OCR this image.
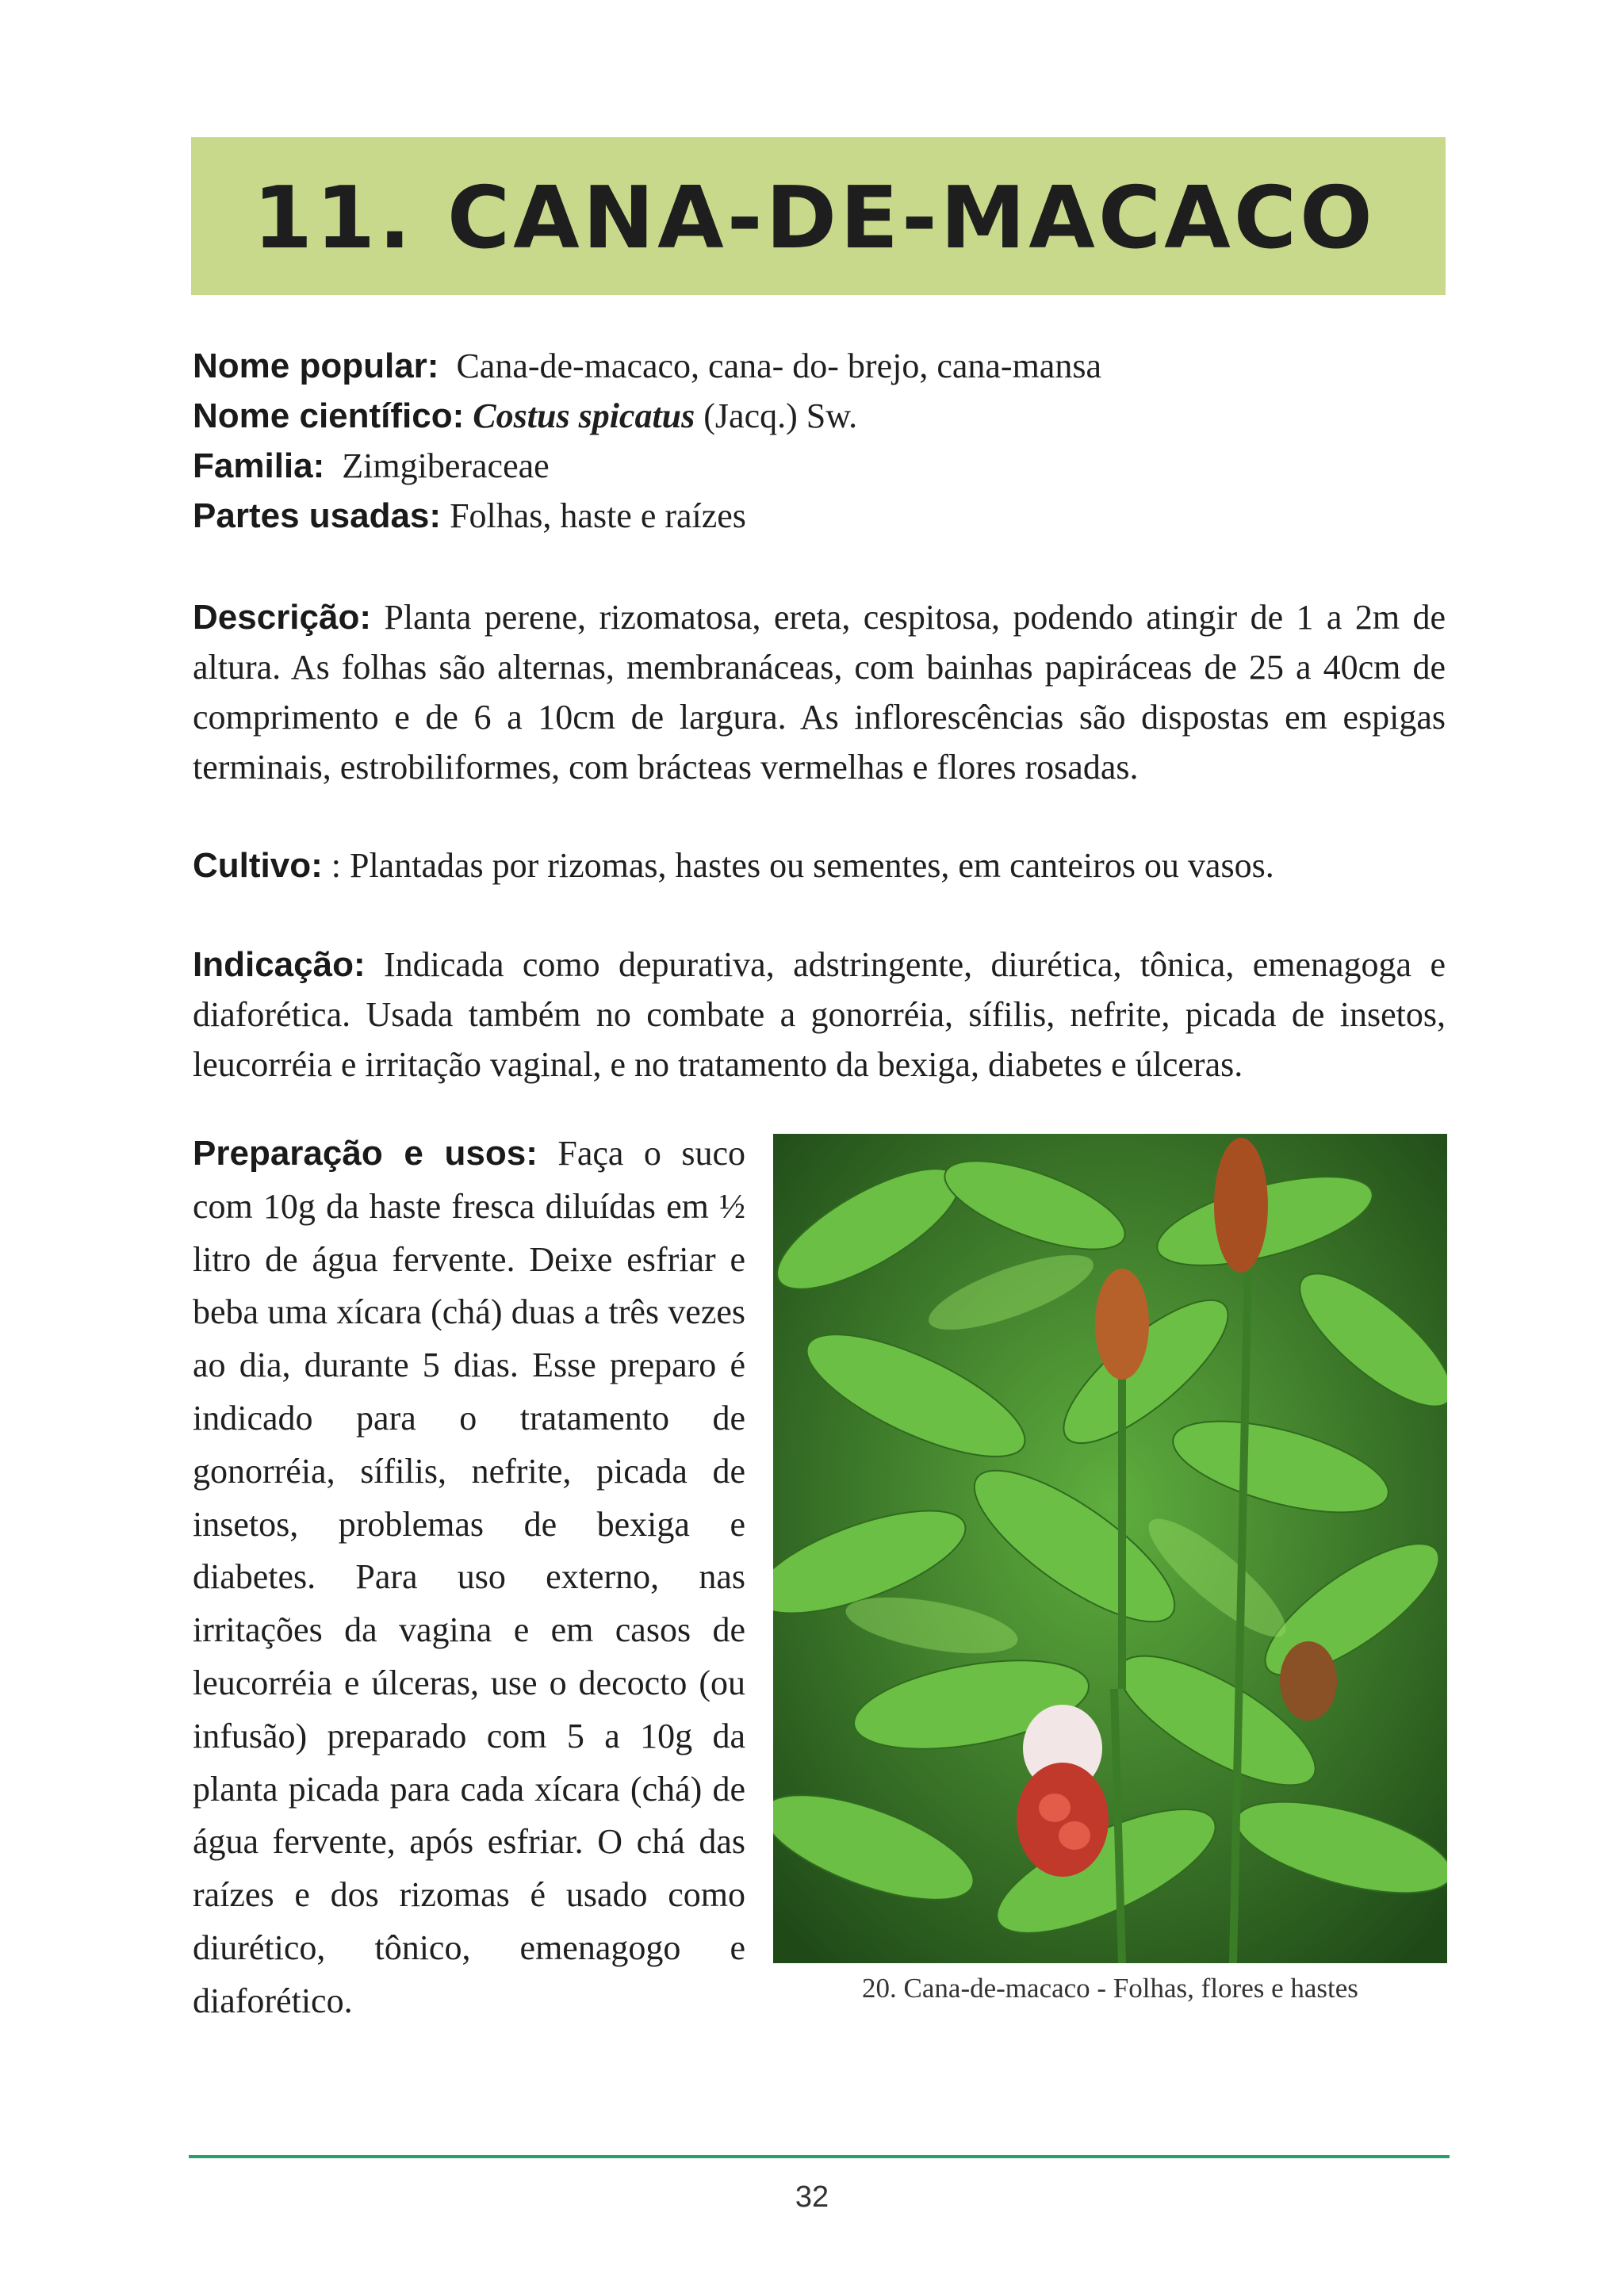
11. CANA-DE-MACACO
Nome popular: Cana-de-macaco, cana- do- brejo, cana-mansa
Nome científico: Costus spicatus (Jacq.) Sw.
Familia: Zimgiberaceae
Partes usadas: Folhas, haste e raízes
Descrição: Planta perene, rizomatosa, ereta, cespitosa, podendo atingir de 1 a 2m de altura. As folhas são alternas, membranáceas, com bainhas papiráceas de 25 a 40cm de comprimento e de 6 a 10cm de largura. As inflorescências são dispostas em espigas terminais, estrobiliformes, com brácteas vermelhas e flores rosadas.
Cultivo: : Plantadas por rizomas, hastes ou sementes, em canteiros ou vasos.
Indicação: Indicada como depurativa, adstringente, diurética, tônica, emenagoga e diaforética. Usada também no combate a gonorréia, sífilis, nefrite, picada de insetos, leucorréia e irritação vaginal, e no tratamento da bexiga, diabetes e úlceras.
Preparação e usos: Faça o suco com 10g da haste fresca diluídas em ½ litro de água fervente. Deixe esfriar e beba uma xícara (chá) duas a três vezes ao dia, durante 5 dias. Esse preparo é indicado para o tratamento de gonorréia, sífilis, nefrite, picada de insetos, problemas de bexiga e diabetes. Para uso externo, nas irritações da vagina e em casos de leucorréia e úlceras, use o decocto (ou infusão) preparado com 5 a 10g da planta picada para cada xícara (chá) de água fervente, após esfriar. O chá das raízes e dos rizomas é usado como diurético, tônico, emenagogo e diaforético.	20. Cana-de-macaco - Folhas, flores e hastes
32
